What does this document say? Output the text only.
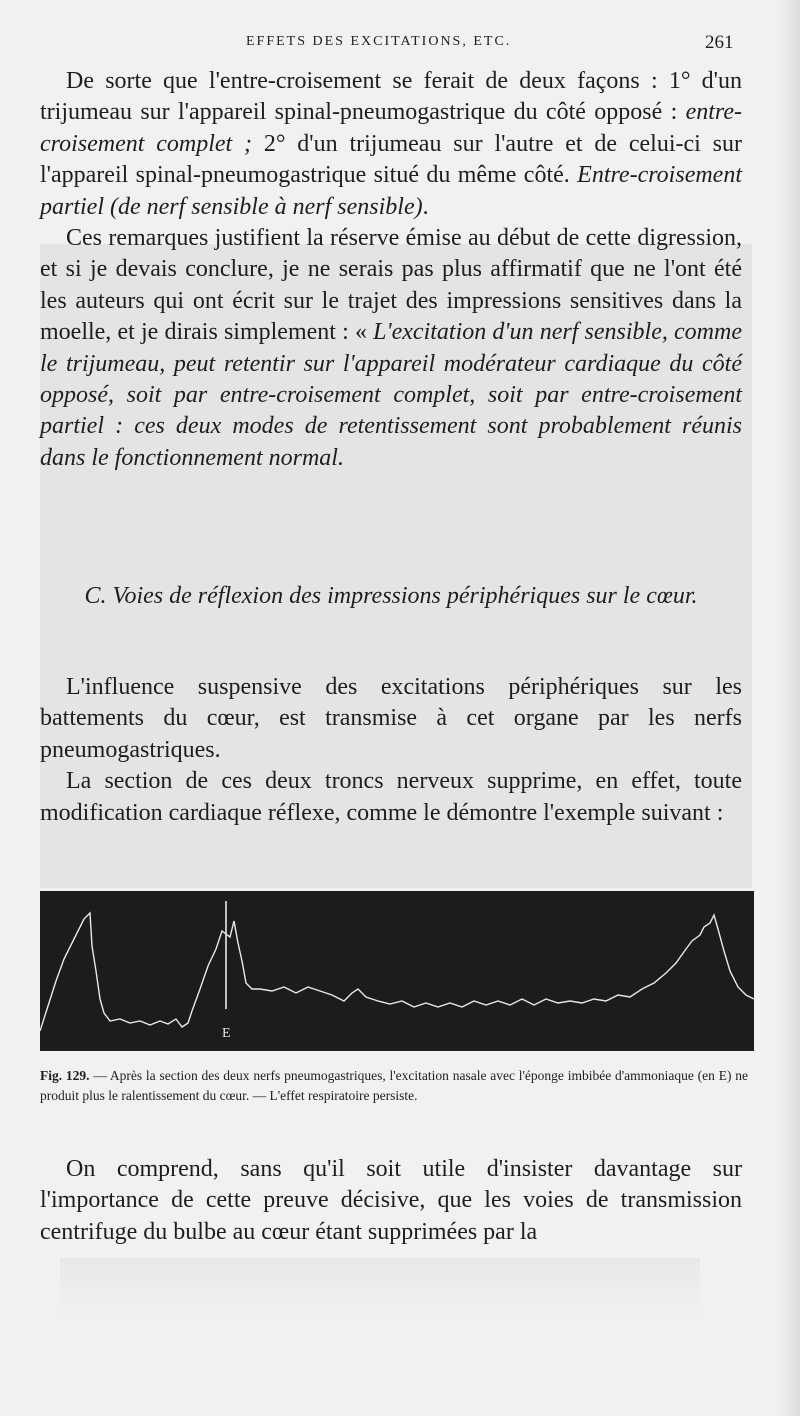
EFFETS DES EXCITATIONS, ETC.	261

De sorte que l'entre-croisement se ferait de deux façons : 1° d'un trijumeau sur l'appareil spinal-pneumogastrique du côté opposé : entre-croisement complet ; 2° d'un trijumeau sur l'autre et de celui-ci sur l'appareil spinal-pneumogastrique situé du même côté. Entre-croisement partiel (de nerf sensible à nerf sensible).

Ces remarques justifient la réserve émise au début de cette digression, et si je devais conclure, je ne serais pas plus affirmatif que ne l'ont été les auteurs qui ont écrit sur le trajet des impressions sensitives dans la moelle, et je dirais simplement : « L'excitation d'un nerf sensible, comme le trijumeau, peut retentir sur l'appareil modérateur cardiaque du côté opposé, soit par entre-croisement complet, soit par entre-croisement partiel : ces deux modes de retentissement sont probablement réunis dans le fonctionnement normal.

C. Voies de réflexion des impressions périphériques sur le cœur.

L'influence suspensive des excitations périphériques sur les battements du cœur, est transmise à cet organe par les nerfs pneumogastriques.

La section de ces deux troncs nerveux supprime, en effet, toute modification cardiaque réflexe, comme le démontre l'exemple suivant :

E
Fig. 129. — Après la section des deux nerfs pneumogastriques, l'excitation nasale avec l'éponge imbibée d'ammoniaque (en E) ne produit plus le ralentissement du cœur. — L'effet respiratoire persiste.

On comprend, sans qu'il soit utile d'insister davantage sur l'importance de cette preuve décisive, que les voies de transmission centrifuge du bulbe au cœur étant supprimées par la
